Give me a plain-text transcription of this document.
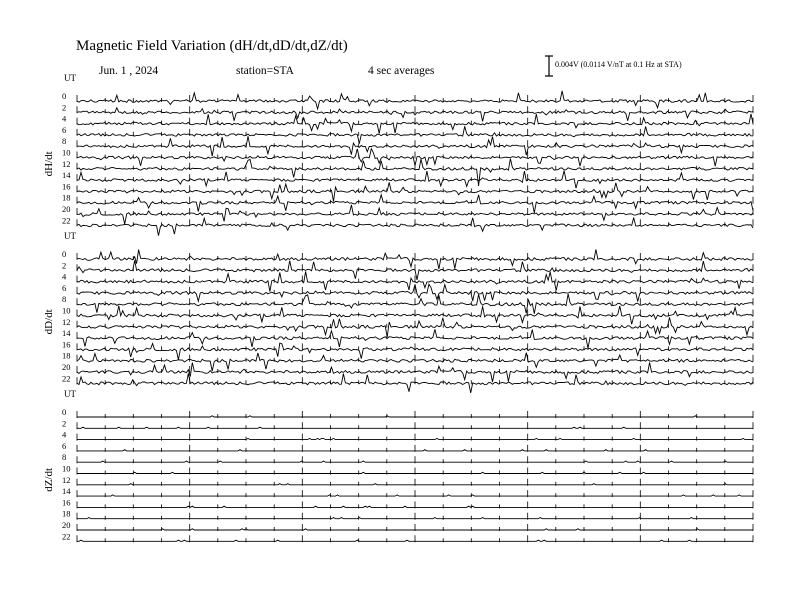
Magnetic Field Variation (dH/dt,dD/dt,dZ/dt)
Jun. 1 , 2024	station=STA	4 sec averages
0.004V (0.0114 V/nT at 0.1 Hz at STA)
UT
dH/dt
0
2
4
6
8
10
12
14
16
18
20
22
UT
dD/dt
0
2
4
6
8
10
12
14
16
18
20
22
UT
dZ/dt
0
2
4
6
8
10
12
14
16
18
20
22
